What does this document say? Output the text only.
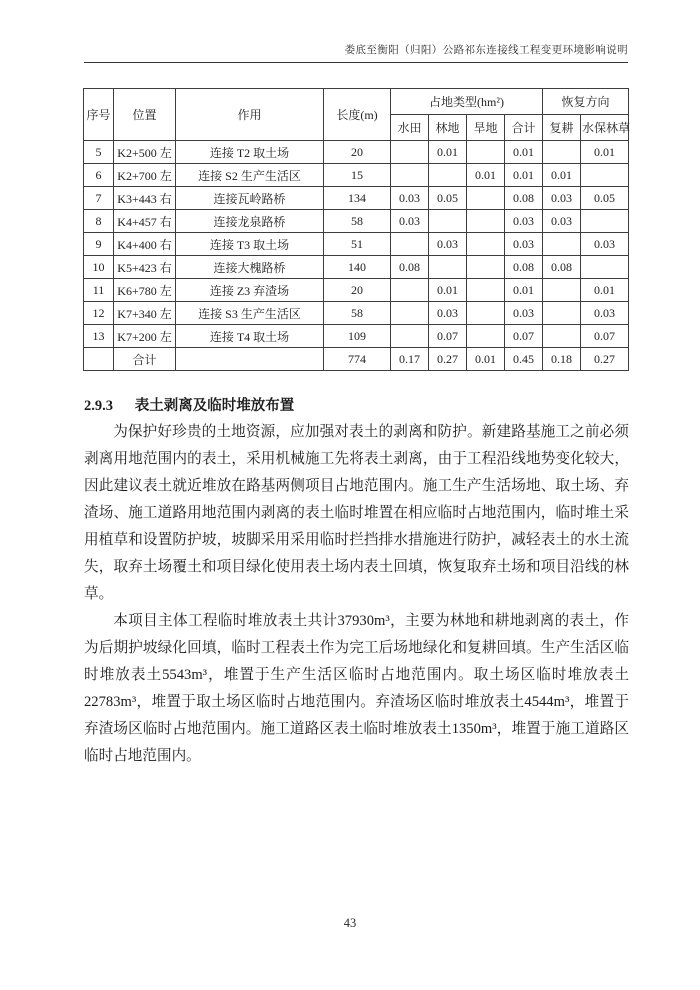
娄底至衡阳（归阳）公路祁东连接线工程变更环境影响说明
序号	位置	作用	长度(m)	占地类型(hm²)				恢复方向	
				水田	林地	旱地	合计	复耕	水保林草
5	K2+500 左	连接 T2 取土场	20		0.01		0.01		0.01
6	K2+700 左	连接 S2 生产生活区	15			0.01	0.01	0.01	
7	K3+443 右	连接瓦岭路桥	134	0.03	0.05		0.08	0.03	0.05
8	K4+457 右	连接龙泉路桥	58	0.03			0.03	0.03	
9	K4+400 右	连接 T3 取土场	51		0.03		0.03		0.03
10	K5+423 右	连接大槐路桥	140	0.08			0.08	0.08	
11	K6+780 左	连接 Z3 弃渣场	20		0.01		0.01		0.01
12	K7+340 左	连接 S3 生产生活区	58		0.03		0.03		0.03
13	K7+200 左	连接 T4 取土场	109		0.07		0.07		0.07
	合计		774	0.17	0.27	0.01	0.45	0.18	0.27
2.9.3 表土剥离及临时堆放布置

为保护好珍贵的土地资源，应加强对表土的剥离和防护。新建路基施工之前必须剥离用地范围内的表土，采用机械施工先将表土剥离，由于工程沿线地势变化较大，因此建议表土就近堆放在路基两侧项目占地范围内。施工生产生活场地、取土场、弃渣场、施工道路用地范围内剥离的表土临时堆置在相应临时占地范围内，临时堆土采用植草和设置防护坡，坡脚采用采用临时拦挡排水措施进行防护，减轻表土的水土流失，取弃土场覆土和项目绿化使用表土场内表土回填，恢复取弃土场和项目沿线的林草。

本项目主体工程临时堆放表土共计37930m³，主要为林地和耕地剥离的表土，作为后期护坡绿化回填，临时工程表土作为完工后场地绿化和复耕回填。生产生活区临时堆放表土5543m³，堆置于生产生活区临时占地范围内。取土场区临时堆放表土22783m³，堆置于取土场区临时占地范围内。弃渣场区临时堆放表土4544m³，堆置于弃渣场区临时占地范围内。施工道路区表土临时堆放表土1350m³，堆置于施工道路区临时占地范围内。

43
